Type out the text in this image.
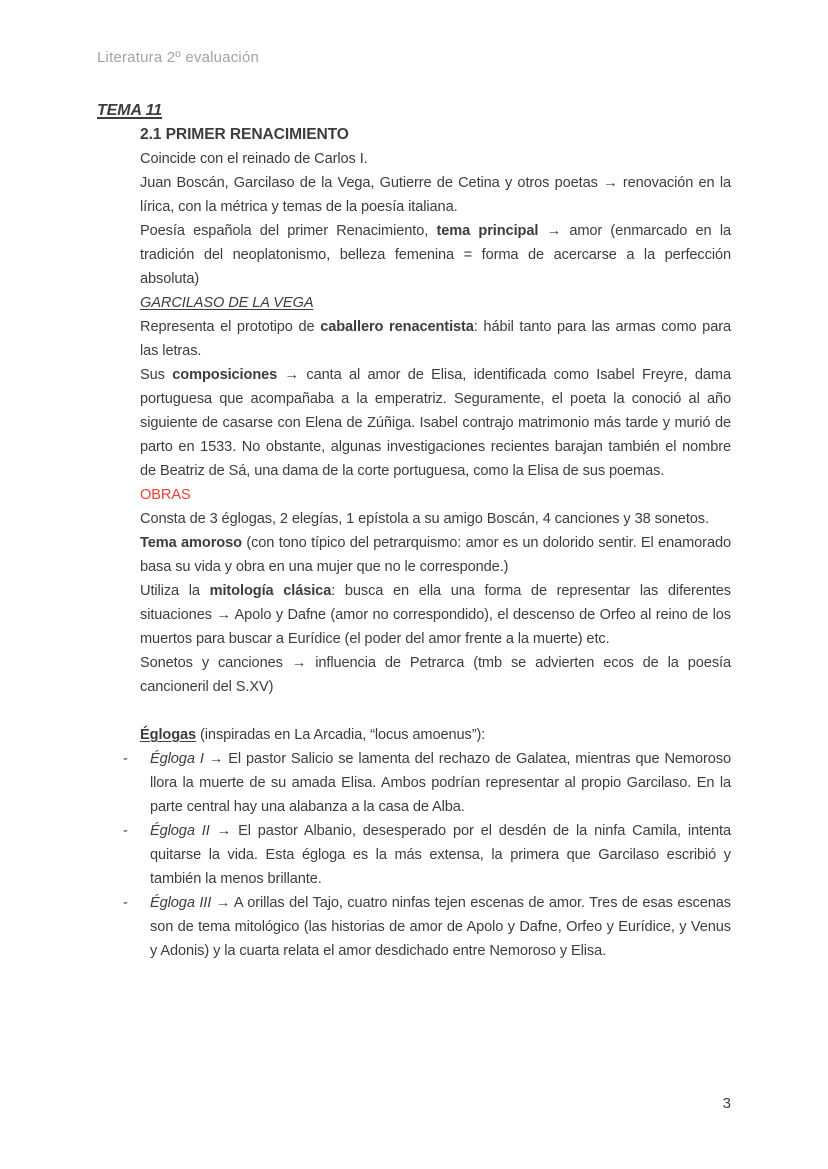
Literatura 2º evaluación
TEMA 11
2.1 PRIMER RENACIMIENTO
Coincide con el reinado de Carlos I.
Juan Boscán, Garcilaso de la Vega, Gutierre de Cetina y otros poetas → renovación en la lírica, con la métrica y temas de la poesía italiana.
Poesía española del primer Renacimiento, tema principal → amor (enmarcado en la tradición del neoplatonismo, belleza femenina = forma de acercarse a la perfección absoluta)
GARCILASO DE LA VEGA
Representa el prototipo de caballero renacentista: hábil tanto para las armas como para las letras.
Sus composiciones → canta al amor de Elisa, identificada como Isabel Freyre, dama portuguesa que acompañaba a la emperatriz. Seguramente, el poeta la conoció al año siguiente de casarse con Elena de Zúñiga. Isabel contrajo matrimonio más tarde y murió de parto en 1533. No obstante, algunas investigaciones recientes barajan también el nombre de Beatriz de Sá, una dama de la corte portuguesa, como la Elisa de sus poemas.
OBRAS
Consta de 3 églogas, 2 elegías, 1 epístola a su amigo Boscán, 4 canciones y 38 sonetos.
Tema amoroso (con tono típico del petrarquismo: amor es un dolorido sentir. El enamorado basa su vida y obra en una mujer que no le corresponde.)
Utiliza la mitología clásica: busca en ella una forma de representar las diferentes situaciones → Apolo y Dafne (amor no correspondido), el descenso de Orfeo al reino de los muertos para buscar a Eurídice (el poder del amor frente a la muerte) etc.
Sonetos y canciones → influencia de Petrarca (tmb se advierten ecos de la poesía cancioneril del S.XV)
Églogas (inspiradas en La Arcadia, “locus amoenus”):
- Égloga I → El pastor Salicio se lamenta del rechazo de Galatea, mientras que Nemoroso llora la muerte de su amada Elisa. Ambos podrían representar al propio Garcilaso. En la parte central hay una alabanza a la casa de Alba.
- Égloga II → El pastor Albanio, desesperado por el desdén de la ninfa Camila, intenta quitarse la vida. Esta égloga es la más extensa, la primera que Garcilaso escribió y también la menos brillante.
- Égloga III → A orillas del Tajo, cuatro ninfas tejen escenas de amor. Tres de esas escenas son de tema mitológico (las historias de amor de Apolo y Dafne, Orfeo y Eurídice, y Venus y Adonis) y la cuarta relata el amor desdichado entre Nemoroso y Elisa.
3
